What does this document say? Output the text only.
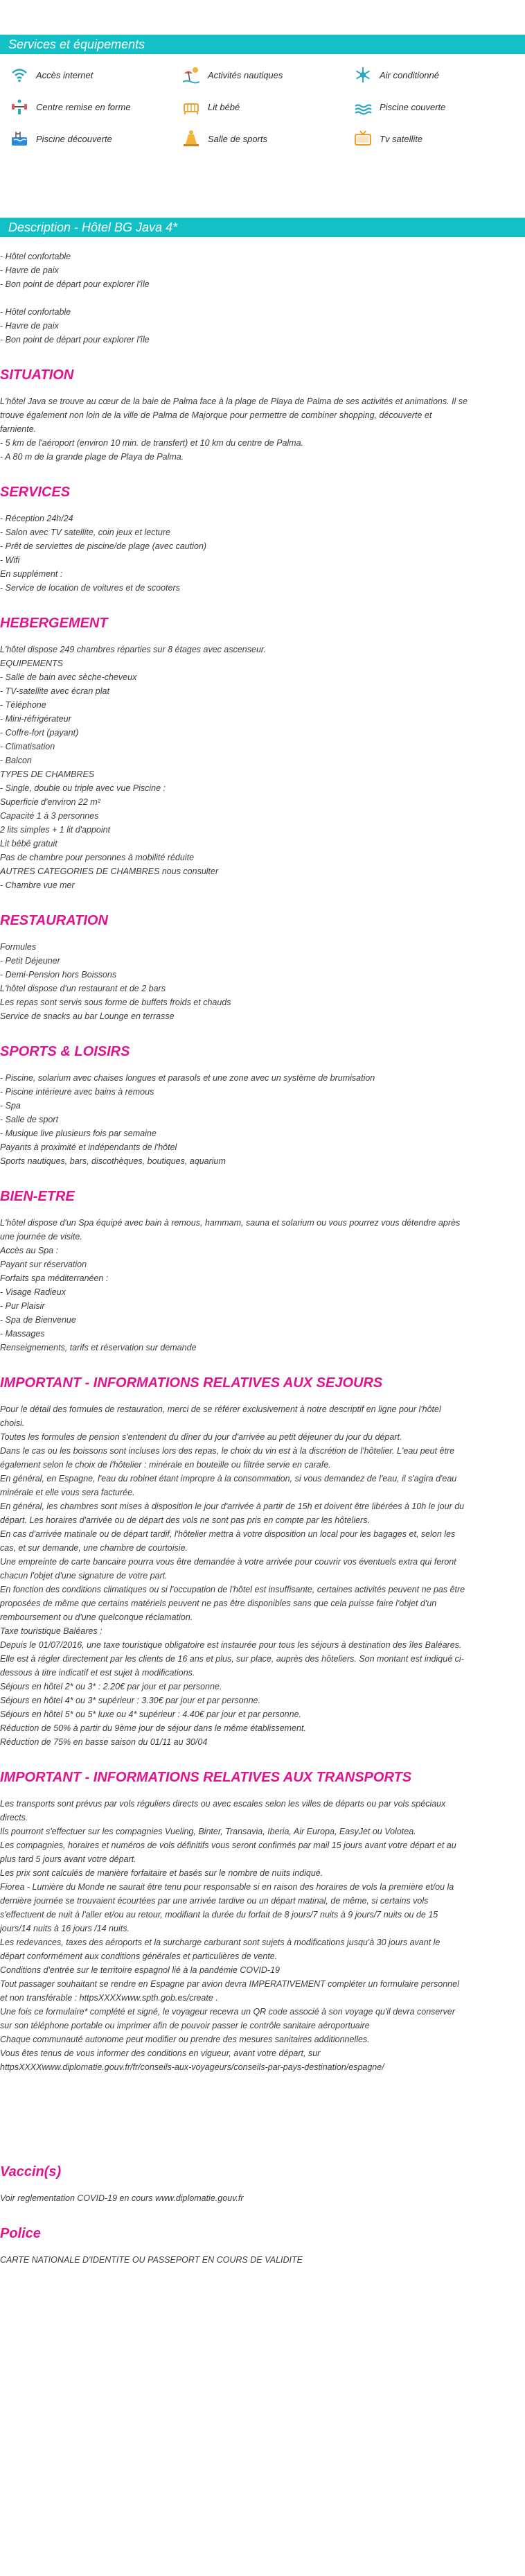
Services et équipements
Accès internet	Activités nautiques	Air conditionné
Centre remise en forme	Lit bébé	Piscine couverte
Piscine découverte	Salle de sports	Tv satellite
Description - Hôtel BG Java 4*
- Hôtel confortable
- Havre de paix
- Bon point de départ pour explorer l'île
- Hôtel confortable
- Havre de paix
- Bon point de départ pour explorer l'île
SITUATION
L'hôtel Java se trouve au cœur de la baie de Palma face à la plage de Playa de Palma de ses activités et animations. Il se
trouve également non loin de la ville de Palma de Majorque pour permettre de combiner shopping, découverte et
farniente.
- 5 km de l'aéroport (environ 10 min. de transfert) et 10 km du centre de Palma.
- A 80 m de la grande plage de Playa de Palma.
SERVICES
- Réception 24h/24
- Salon avec TV satellite, coin jeux et lecture
- Prêt de serviettes de piscine/de plage (avec caution)
- Wifi
En supplément :
- Service de location de voitures et de scooters
HEBERGEMENT
L'hôtel dispose 249 chambres réparties sur 8 étages avec ascenseur.
EQUIPEMENTS
- Salle de bain avec sèche-cheveux
- TV-satellite avec écran plat
- Téléphone
- Mini-réfrigérateur
- Coffre-fort (payant)
- Climatisation
- Balcon
TYPES DE CHAMBRES
- Single, double ou triple avec vue Piscine :
Superficie d'environ 22 m²
Capacité 1 à 3 personnes
2 lits simples + 1 lit d'appoint
Lit bébé gratuit
Pas de chambre pour personnes à mobilité réduite
AUTRES CATEGORIES DE CHAMBRES nous consulter
- Chambre vue mer
RESTAURATION
Formules
- Petit Déjeuner
- Demi-Pension hors Boissons
L'hôtel dispose d'un restaurant et de 2 bars
Les repas sont servis sous forme de buffets froids et chauds
Service de snacks au bar Lounge en terrasse
SPORTS & LOISIRS
- Piscine, solarium avec chaises longues et parasols et une zone avec un système de brumisation
- Piscine intérieure avec bains à remous
- Spa
- Salle de sport
- Musique live plusieurs fois par semaine
Payants à proximité et indépendants de l'hôtel
Sports nautiques, bars, discothèques, boutiques, aquarium
BIEN-ETRE
L'hôtel dispose d'un Spa équipé avec bain à remous, hammam, sauna et solarium ou vous pourrez vous détendre après
une journée de visite.
Accès au Spa :
Payant sur réservation
Forfaits spa méditerranéen :
- Visage Radieux
- Pur Plaisir
- Spa de Bienvenue
- Massages
Renseignements, tarifs et réservation sur demande
IMPORTANT - INFORMATIONS RELATIVES AUX SEJOURS
Pour le détail des formules de restauration, merci de se référer exclusivement à notre descriptif en ligne pour l'hôtel
choisi.
Toutes les formules de pension s'entendent du dîner du jour d'arrivée au petit déjeuner du jour du départ.
Dans le cas ou les boissons sont incluses lors des repas, le choix du vin est à la discrétion de l'hôtelier. L'eau peut être
également selon le choix de l'hôtelier : minérale en bouteille ou filtrée servie en carafe.
En général, en Espagne, l'eau du robinet étant impropre à la consommation, si vous demandez de l'eau, il s'agira d'eau
minérale et elle vous sera facturée.
En général, les chambres sont mises à disposition le jour d'arrivée à partir de 15h et doivent être libérées à 10h le jour du
départ. Les horaires d'arrivée ou de départ des vols ne sont pas pris en compte par les hôteliers.
En cas d'arrivée matinale ou de départ tardif, l'hôtelier mettra à votre disposition un local pour les bagages et, selon les
cas, et sur demande, une chambre de courtoisie.
Une empreinte de carte bancaire pourra vous être demandée à votre arrivée pour couvrir vos éventuels extra qui feront
chacun l'objet d'une signature de votre part.
En fonction des conditions climatiques ou si l'occupation de l'hôtel est insuffisante, certaines activités peuvent ne pas être
proposées de même que certains matériels peuvent ne pas être disponibles sans que cela puisse faire l'objet d'un
remboursement ou d'une quelconque réclamation.
Taxe touristique Baléares :
Depuis le 01/07/2016, une taxe touristique obligatoire est instaurée pour tous les séjours à destination des îles Baléares.
Elle est à régler directement par les clients de 16 ans et plus, sur place, auprès des hôteliers. Son montant est indiqué ci-
dessous à titre indicatif et est sujet à modifications.
Séjours en hôtel 2* ou 3* : 2.20€ par jour et par personne.
Séjours en hôtel 4* ou 3* supérieur : 3.30€ par jour et par personne.
Séjours en hôtel 5* ou 5* luxe ou 4* supérieur : 4.40€ par jour et par personne.
Réduction de 50% à partir du 9ème jour de séjour dans le même établissement.
Réduction de 75% en basse saison du 01/11 au 30/04
IMPORTANT - INFORMATIONS RELATIVES AUX TRANSPORTS
Les transports sont prévus par vols réguliers directs ou avec escales selon les villes de départs ou par vols spéciaux
directs.
Ils pourront s'effectuer sur les compagnies Vueling, Binter, Transavia, Iberia, Air Europa, EasyJet ou Volotea.
Les compagnies, horaires et numéros de vols définitifs vous seront confirmés par mail 15 jours avant votre départ et au
plus tard 5 jours avant votre départ.
Les prix sont calculés de manière forfaitaire et basés sur le nombre de nuits indiqué.
Fiorea - Lumière du Monde ne saurait être tenu pour responsable si en raison des horaires de vols la première et/ou la
dernière journée se trouvaient écourtées par une arrivée tardive ou un départ matinal, de même, si certains vols
s'effectuent de nuit à l'aller et/ou au retour, modifiant la durée du forfait de 8 jours/7 nuits à 9 jours/7 nuits ou de 15
jours/14 nuits à 16 jours /14 nuits.
Les redevances, taxes des aéroports et la surcharge carburant sont sujets à modifications jusqu'à 30 jours avant le
départ conformément aux conditions générales et particulières de vente.
Conditions d'entrée sur le territoire espagnol lié à la pandémie COVID-19
Tout passager souhaitant se rendre en Espagne par avion devra IMPERATIVEMENT compléter un formulaire personnel
et non transférable : httpsXXXXwww.spth.gob.es/create .
Une fois ce formulaire* complété et signé, le voyageur recevra un QR code associé à son voyage qu'il devra conserver
sur son téléphone portable ou imprimer afin de pouvoir passer le contrôle sanitaire aéroportuaire
Chaque communauté autonome peut modifier ou prendre des mesures sanitaires additionnelles.
Vous êtes tenus de vous informer des conditions en vigueur, avant votre départ, sur
httpsXXXXwww.diplomatie.gouv.fr/fr/conseils-aux-voyageurs/conseils-par-pays-destination/espagne/
Vaccin(s)
Voir reglementation COVID-19 en cours www.diplomatie.gouv.fr
Police
CARTE NATIONALE D'IDENTITE OU PASSEPORT EN COURS DE VALIDITE
